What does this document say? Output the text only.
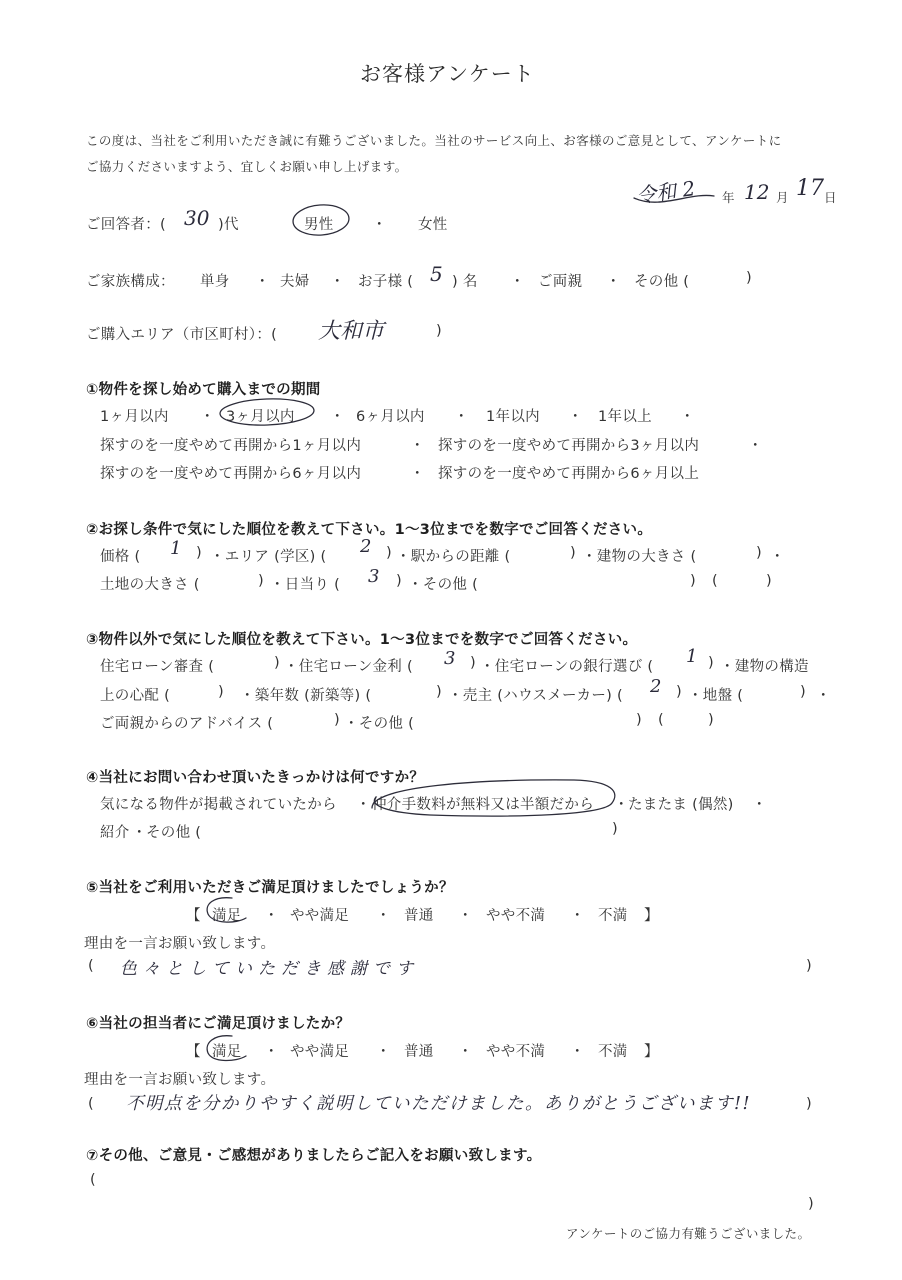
お客様アンケート
この度は、当社をご利用いただき誠に有難うございました。当社のサービス向上、お客様のご意見として、アンケートに
ご協力くださいますよう、宜しくお願い申し上げます。
令和 2 年 12 月 17 日
ご回答者：( 30 )代	男性	・ 女性
ご家族構成： 単身 ・ 夫婦 ・ お子様 ( 5 ) 名 ・ ご両親 ・ その他 (	)
ご購入エリア（市区町村）：( 大和市	)
①物件を探し始めて購入までの期間
1ヶ月以内 ・ 3ヶ月以内 ・ 6ヶ月以内 ・ 1年以内 ・ 1年以上 ・
探すのを一度やめて再開から1ヶ月以内	・ 探すのを一度やめて再開から3ヶ月以内	・
探すのを一度やめて再開から6ヶ月以内	・ 探すのを一度やめて再開から6ヶ月以上
②お探し条件で気にした順位を教えて下さい。1～3位までを数字でご回答ください。
価格 ( 1 ) ・エリア (学区) ( 2 ) ・駅からの距離 (	) ・建物の大きさ (	) ・
土地の大きさ (	) ・日当り ( 3 ) ・その他 (	) (	)
③物件以外で気にした順位を教えて下さい。1～3位までを数字でご回答ください。
住宅ローン審査 (	) ・住宅ローン金利 ( 3 ) ・住宅ローンの銀行選び ( 1 ) ・建物の構造
上の心配 (	) ・築年数 (新築等) (	) ・売主 (ハウスメーカー) ( 2 ) ・地盤 (	) ・
ご両親からのアドバイス (	) ・その他 (	) (	)
④当社にお問い合わせ頂いたきっかけは何ですか？
気になる物件が掲載されていたから ・ 仲介手数料が無料又は半額だから ・ たまたま (偶然) ・
紹介 ・ その他 (	)
⑤当社をご利用いただきご満足頂けましたでしょうか？
【 満足 ・ やや満足 ・ 普通 ・ やや不満 ・ 不満 】
理由を一言お願い致します。
( 色々としていただき感謝です	)
⑥当社の担当者にご満足頂けましたか？
【 満足 ・ やや満足 ・ 普通 ・ やや不満 ・ 不満 】
理由を一言お願い致します。
( 不明点を分かりやすく説明していただけました。ありがとうございます!!	)
⑦その他、ご意見・ご感想がありましたらご記入をお願い致します。
(
)
アンケートのご協力有難うございました。
